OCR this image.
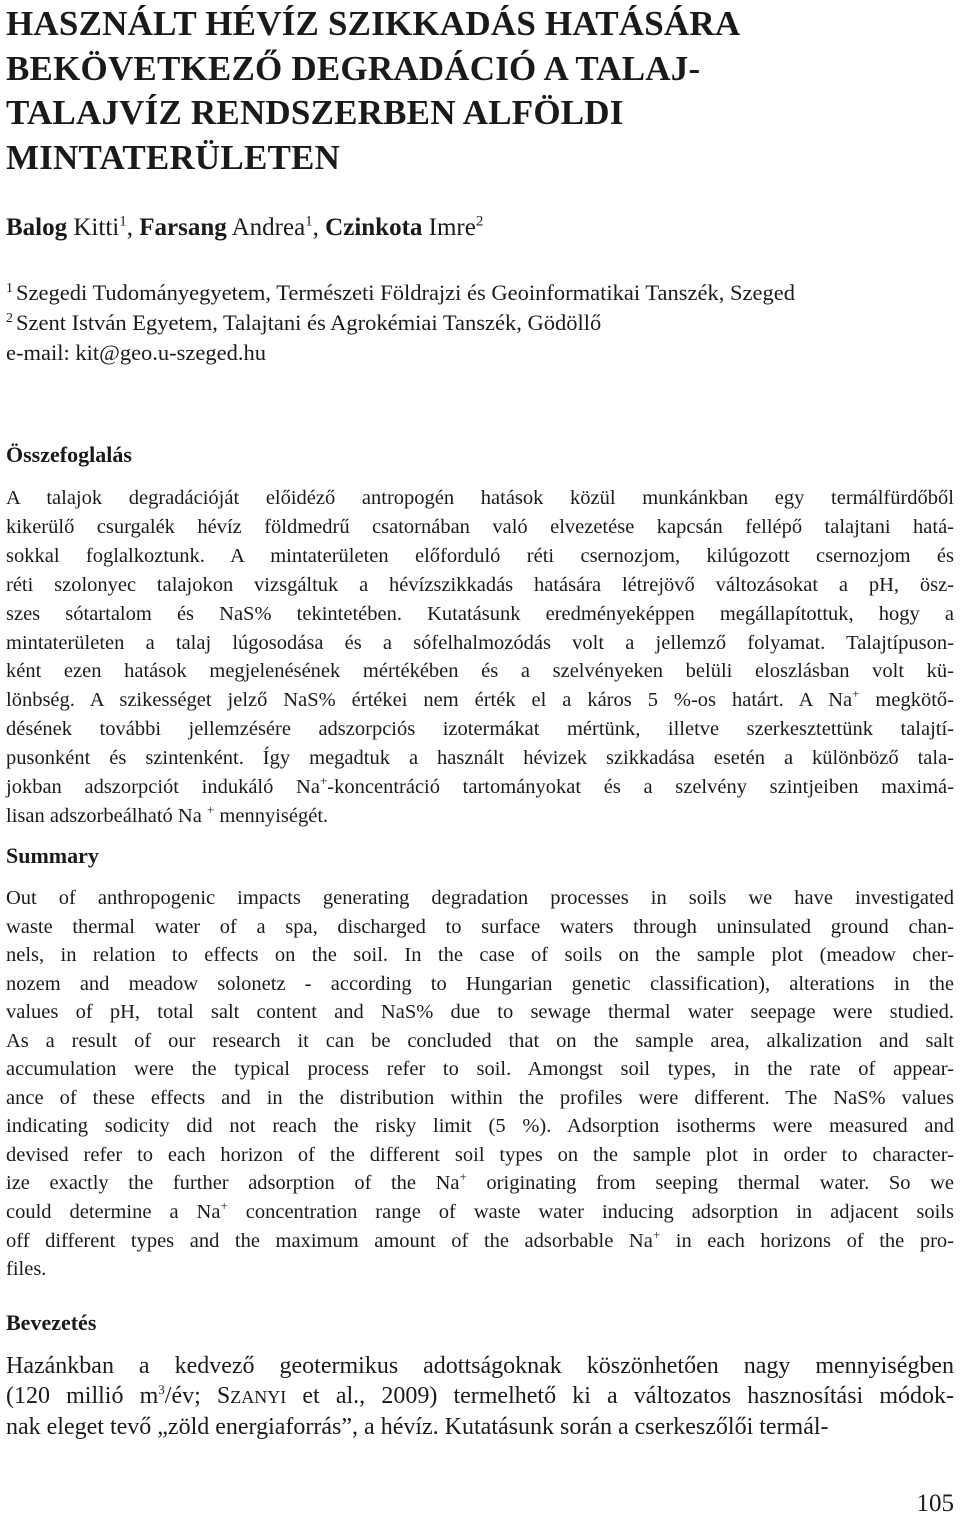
HASZNÁLT HÉVÍZ SZIKKADÁS HATÁSÁRA
BEKÖVETKEZŐ DEGRADÁCIÓ A TALAJ-
TALAJVÍZ RENDSZERBEN ALFÖLDI
MINTATERÜLETEN
Balog Kitti$^1$, Farsang Andrea$^1$, Czinkota Imre$^2$
$^1$ Szegedi Tudományegyetem, Természeti Földrajzi és Geoinformatikai Tanszék, Szeged
$^2$ Szent István Egyetem, Talajtani és Agrokémiai Tanszék, Gödöllő
e-mail: kit@geo.u-szeged.hu
Összefoglalás
A talajok degradációját előidéző antropogén hatások közül munkánkban egy termálfürdőből
kikerülő csurgalék hévíz földmedrű csatornában való elvezetése kapcsán fellépő talajtani hatá-
sokkal foglalkoztunk. A mintaterületen előforduló réti csernozjom, kilúgozott csernozjom és
réti szolonyec talajokon vizsgáltuk a hévízszikkadás hatására létrejövő változásokat a pH, ösz-
szes sótartalom és NaS% tekintetében. Kutatásunk eredményeképpen megállapítottuk, hogy a
mintaterületen a talaj lúgosodása és a sófelhalmozódás volt a jellemző folyamat. Talajtípuson-
ként ezen hatások megjelenésének mértékében és a szelvényeken belüli eloszlásban volt kü-
lönbség. A szikességet jelző NaS% értékei nem érték el a káros 5 %-os határt. A Na+ megkötő-
désének további jellemzésére adszorpciós izotermákat mértünk, illetve szerkesztettünk talajtí-
pusonként és szintenként. Így megadtuk a használt hévizek szikkadása esetén a különböző tala-
jokban adszorpciót indukáló Na+-koncentráció tartományokat és a szelvény szintjeiben maximá-
lisan adszorbeálható Na + mennyiségét.
Summary
Out of anthropogenic impacts generating degradation processes in soils we have investigated
waste thermal water of a spa, discharged to surface waters through uninsulated ground chan-
nels, in relation to effects on the soil. In the case of soils on the sample plot (meadow cher-
nozem and meadow solonetz - according to Hungarian genetic classification), alterations in the
values of pH, total salt content and NaS% due to sewage thermal water seepage were studied.
As a result of our research it can be concluded that on the sample area, alkalization and salt
accumulation were the typical process refer to soil. Amongst soil types, in the rate of appear-
ance of these effects and in the distribution within the profiles were different. The NaS% values
indicating sodicity did not reach the risky limit (5 %). Adsorption isotherms were measured and
devised refer to each horizon of the different soil types on the sample plot in order to character-
ize exactly the further adsorption of the Na+ originating from seeping thermal water. So we
could determine a Na+ concentration range of waste water inducing adsorption in adjacent soils
off different types and the maximum amount of the adsorbable Na+ in each horizons of the pro-
files.
Bevezetés
Hazánkban a kedvező geotermikus adottságoknak köszönhetően nagy mennyiségben
(120 millió $m^3/év$; SZANYI et al., 2009) termelhető ki a változatos hasznosítási módok-
nak eleget tevő „zöld energiaforrás”, a hévíz. Kutatásunk során a cserkeszőlői termál-
105
